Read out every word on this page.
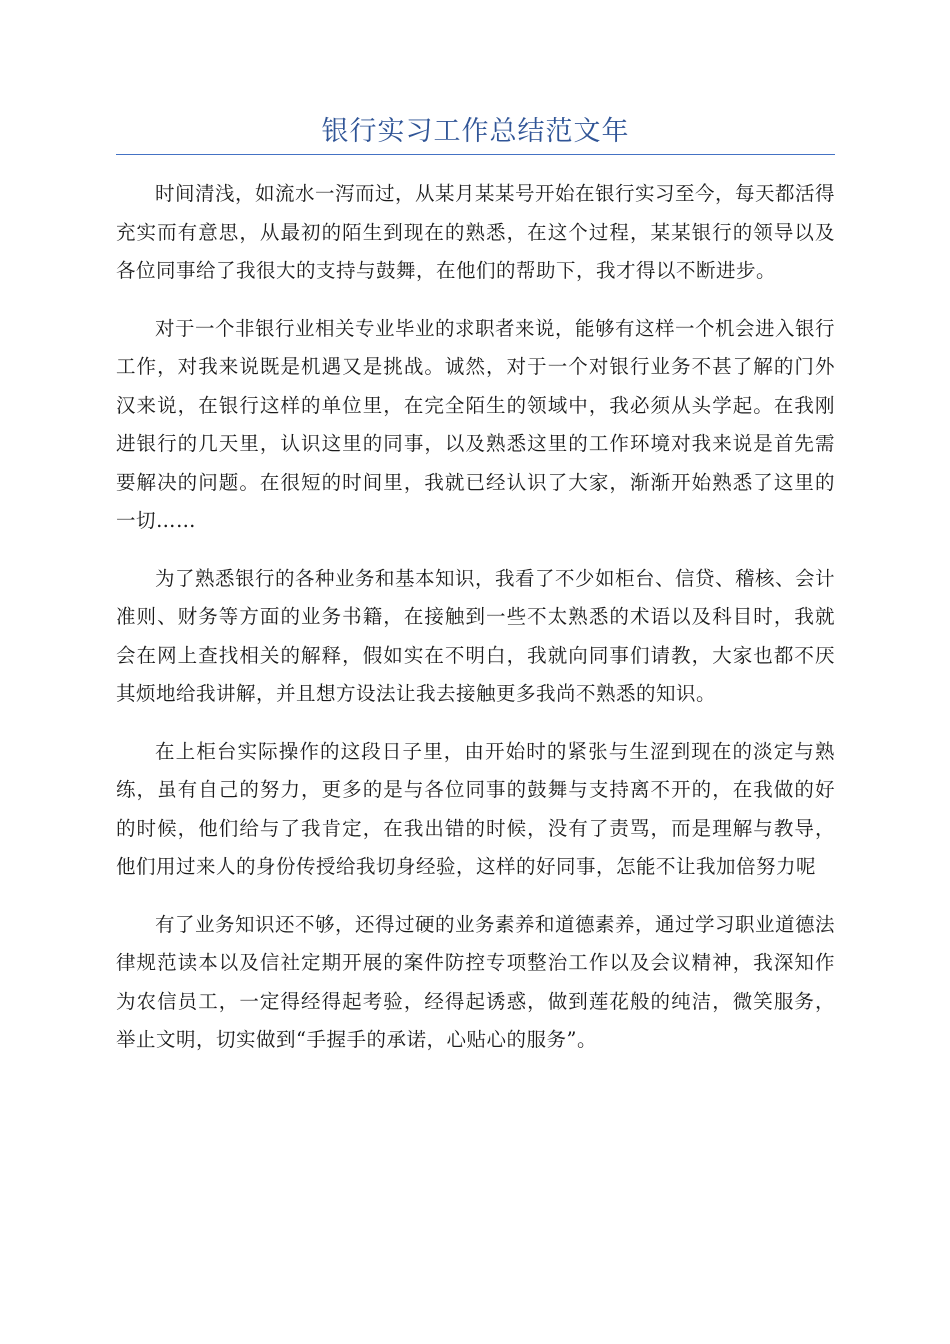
银行实习工作总结范文年

时间清浅，如流水一泻而过，从某月某某号开始在银行实习至今，每天都活得充实而有意思，从最初的陌生到现在的熟悉，在这个过程，某某银行的领导以及各位同事给了我很大的支持与鼓舞，在他们的帮助下，我才得以不断进步。

对于一个非银行业相关专业毕业的求职者来说，能够有这样一个机会进入银行工作，对我来说既是机遇又是挑战。诚然，对于一个对银行业务不甚了解的门外汉来说，在银行这样的单位里，在完全陌生的领域中，我必须从头学起。在我刚进银行的几天里，认识这里的同事，以及熟悉这里的工作环境对我来说是首先需要解决的问题。在很短的时间里，我就已经认识了大家，渐渐开始熟悉了这里的一切……

为了熟悉银行的各种业务和基本知识，我看了不少如柜台、信贷、稽核、会计准则、财务等方面的业务书籍，在接触到一些不太熟悉的术语以及科目时，我就会在网上查找相关的解释，假如实在不明白，我就向同事们请教，大家也都不厌其烦地给我讲解，并且想方设法让我去接触更多我尚不熟悉的知识。

在上柜台实际操作的这段日子里，由开始时的紧张与生涩到现在的淡定与熟练，虽有自己的努力，更多的是与各位同事的鼓舞与支持离不开的，在我做的好的时候，他们给与了我肯定，在我出错的时候，没有了责骂，而是理解与教导，他们用过来人的身份传授给我切身经验，这样的好同事，怎能不让我加倍努力呢

有了业务知识还不够，还得过硬的业务素养和道德素养，通过学习职业道德法律规范读本以及信社定期开展的案件防控专项整治工作以及会议精神，我深知作为农信员工，一定得经得起考验，经得起诱惑，做到莲花般的纯洁，微笑服务，举止文明，切实做到“手握手的承诺，心贴心的服务”。
